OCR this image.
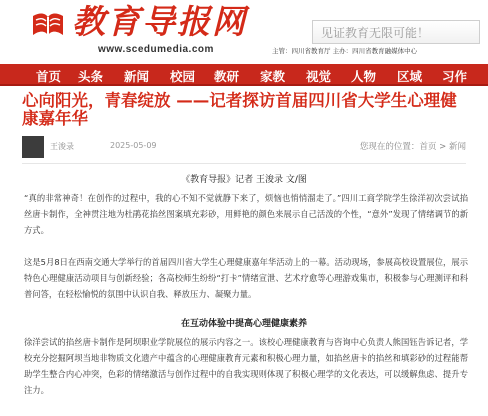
教育导报网
www.scedumedia.com
见证教育无限可能！
主管：四川省教育厅 主办：四川省教育融媒体中心
首页 头条 新闻 校园 教研 家教 视觉 人物 区域 习作
心向阳光，青春绽放 ——记者探访首届四川省大学生心理健康嘉年华
王浚录	2025-05-09	您现在的位置：首页 > 新闻
《教育导报》记者 王浚录 文/图

“真的非常神奇！在创作的过程中，我的心不知不觉就静下来了，烦恼也悄悄溜走了。”四川工商学院学生徐洋初次尝试掐丝唐卡制作，全神贯注地为杜鹃花掐丝图案填充彩砂，用鲜艳的颜色来展示自己活泼的个性，“意外”发现了情绪调节的新方式。

这是5月8日在西南交通大学举行的首届四川省大学生心理健康嘉年华活动上的一幕。活动现场，参展高校设置展位，展示特色心理健康活动项目与创新经验；各高校师生纷纷“打卡”情绪宣泄、艺术疗愈等心理游戏集市，积极参与心理测评和科普问答，在轻松愉悦的氛围中认识自我、释放压力、凝聚力量。

在互动体验中提高心理健康素养

徐洋尝试的掐丝唐卡制作是阿坝职业学院展位的展示内容之一。该校心理健康教育与咨询中心负责人熊国钰告诉记者，学校充分挖掘阿坝当地非物质文化遗产中蕴含的心理健康教育元素和积极心理力量，如掐丝唐卡的掐丝和填彩砂的过程能帮助学生整合内心冲突，色彩的情绪激活与创作过程中的自我实现则体现了积极心理学的文化表达，可以缓解焦虑、提升专注力。
